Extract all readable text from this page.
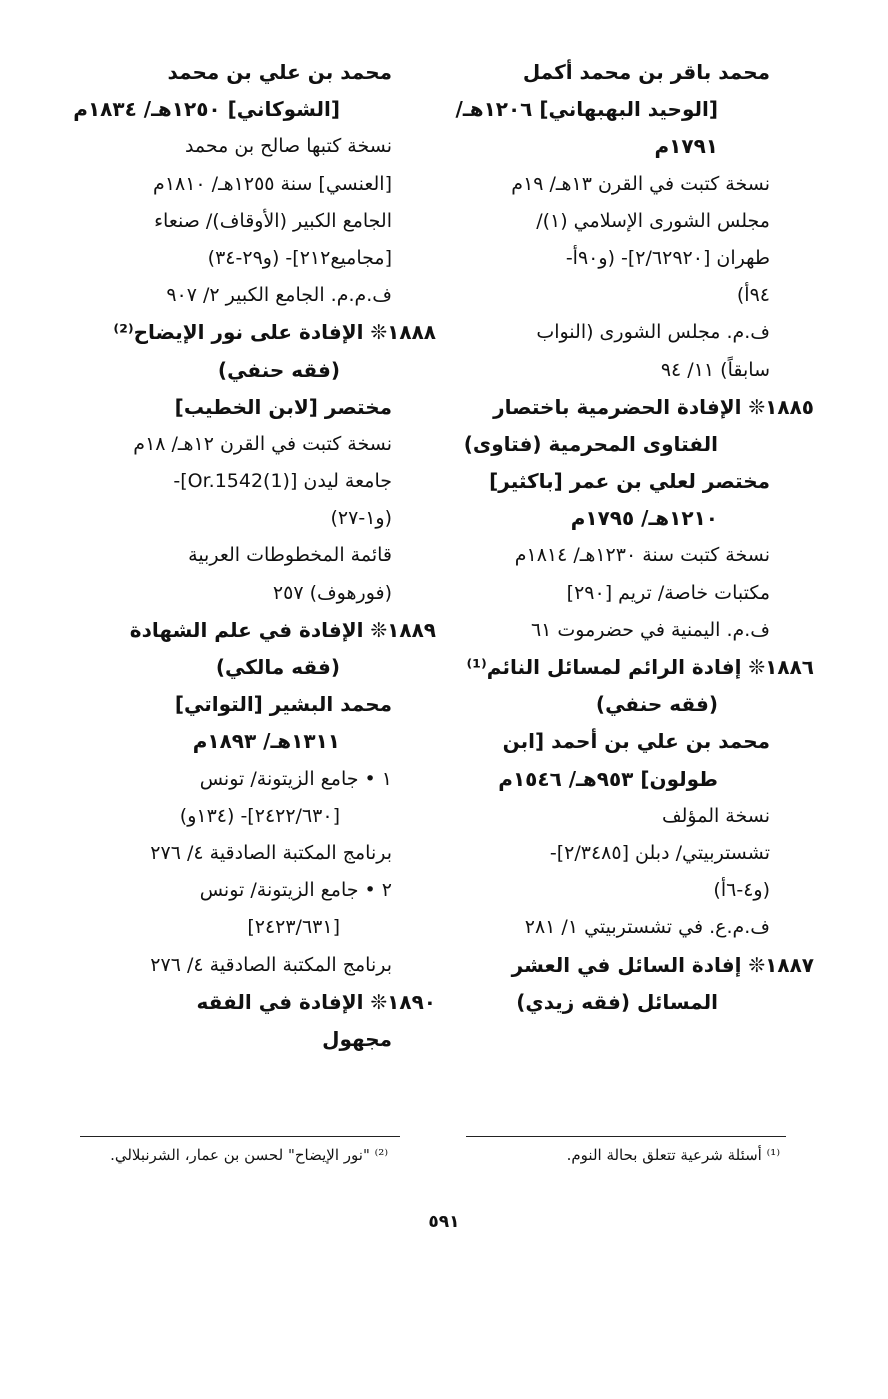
محمد باقر بن محمد أكمل
[الوحيد البهبهاني] ١٢٠٦هـ/
١٧٩١م
نسخة كتبت في القرن ١٣هـ/ ١٩م
مجلس الشورى الإسلامي (١)/
طهران [٢/٦٢٩٢٠]- (و٩٠أ-
٩٤أ)
ف.م. مجلس الشورى (النواب
سابقاً) ١١/ ٩٤
١٨٨٥❊ الإفادة الحضرمية باختصار
الفتاوى المحرمية (فتاوى)
مختصر لعلي بن عمر [باكثير]
١٢١٠هـ/ ١٧٩٥م
نسخة كتبت سنة ١٢٣٠هـ/ ١٨١٤م
مكتبات خاصة/ تريم [٢٩٠]
ف.م. اليمنية في حضرموت ٦١
١٨٨٦❊ إفادة الرائم لمسائل النائم⁽¹⁾
(فقه حنفي)
محمد بن علي بن أحمد [ابن
طولون] ٩٥٣هـ/ ١٥٤٦م
نسخة المؤلف
تشستربيتي/ دبلن [٢/٣٤٨٥]-
(و٤-٦أ)
ف.م.ع. في تشستربيتي ١/ ٢٨١
١٨٨٧❊ إفادة السائل في العشر
المسائل (فقه زيدي)
محمد بن علي بن محمد
[الشوكاني] ١٢٥٠هـ/ ١٨٣٤م
نسخة كتبها صالح بن محمد
[العنسي] سنة ١٢٥٥هـ/ ١٨١٠م
الجامع الكبير (الأوقاف)/ صنعاء
[مجاميع٢١٢]- (و٢٩-٣٤)
ف.م.م. الجامع الكبير ٢/ ٩٠٧
١٨٨٨❊ الإفادة على نور الإيضاح⁽²⁾
(فقه حنفي)
مختصر [لابن الخطيب]
نسخة كتبت في القرن ١٢هـ/ ١٨م
جامعة ليدن [Or.1542(1)]-
(و١-٢٧)
قائمة المخطوطات العربية
(فورهوف) ٢٥٧
١٨٨٩❊ الإفادة في علم الشهادة
(فقه مالكي)
محمد البشير [التواتي]
١٣١١هـ/ ١٨٩٣م
١ • جامع الزيتونة/ تونس
[٢٤٢٢/٦٣٠]- (١٣٤و)
برنامج المكتبة الصادقية ٤/ ٢٧٦
٢ • جامع الزيتونة/ تونس
[٢٤٢٣/٦٣١]
برنامج المكتبة الصادقية ٤/ ٢٧٦
١٨٩٠❊ الإفادة في الفقه
مجهول
⁽¹⁾ أسئلة شرعية تتعلق بحالة النوم.
⁽²⁾ "نور الإيضاح" لحسن بن عمار، الشرنبلالي.
٥٩١
